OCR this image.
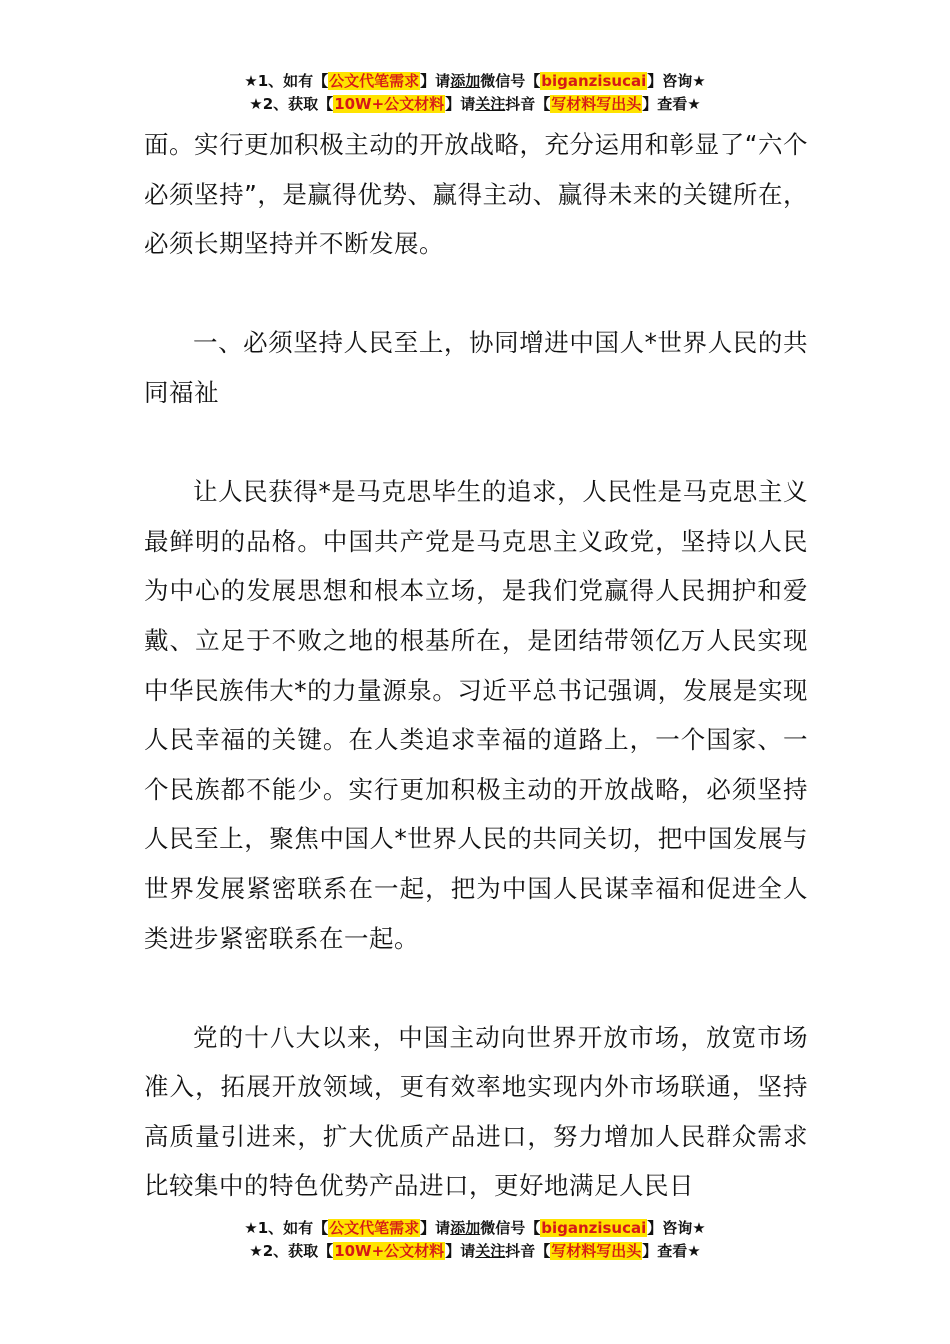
★1、如有【公文代笔需求】请添加微信号【biganzisucai】咨询★
★2、获取【10W+公文材料】请关注抖音【写材料写出头】查看★

面。实行更加积极主动的开放战略，充分运用和彰显了“六个必须坚持”，是赢得优势、赢得主动、赢得未来的关键所在，必须长期坚持并不断发展。

一、必须坚持人民至上，协同增进中国人*世界人民的共同福祉

让人民获得*是马克思毕生的追求，人民性是马克思主义最鲜明的品格。中国共产党是马克思主义政党，坚持以人民为中心的发展思想和根本立场，是我们党赢得人民拥护和爱戴、立足于不败之地的根基所在，是团结带领亿万人民实现中华民族伟大*的力量源泉。习近平总书记强调，发展是实现人民幸福的关键。在人类追求幸福的道路上，一个国家、一个民族都不能少。实行更加积极主动的开放战略，必须坚持人民至上，聚焦中国人*世界人民的共同关切，把中国发展与世界发展紧密联系在一起，把为中国人民谋幸福和促进全人类进步紧密联系在一起。

党的十八大以来，中国主动向世界开放市场，放宽市场准入，拓展开放领域，更有效率地实现内外市场联通，坚持高质量引进来，扩大优质产品进口，努力增加人民群众需求比较集中的特色优势产品进口，更好地满足人民日

★1、如有【公文代笔需求】请添加微信号【biganzisucai】咨询★
★2、获取【10W+公文材料】请关注抖音【写材料写出头】查看★
